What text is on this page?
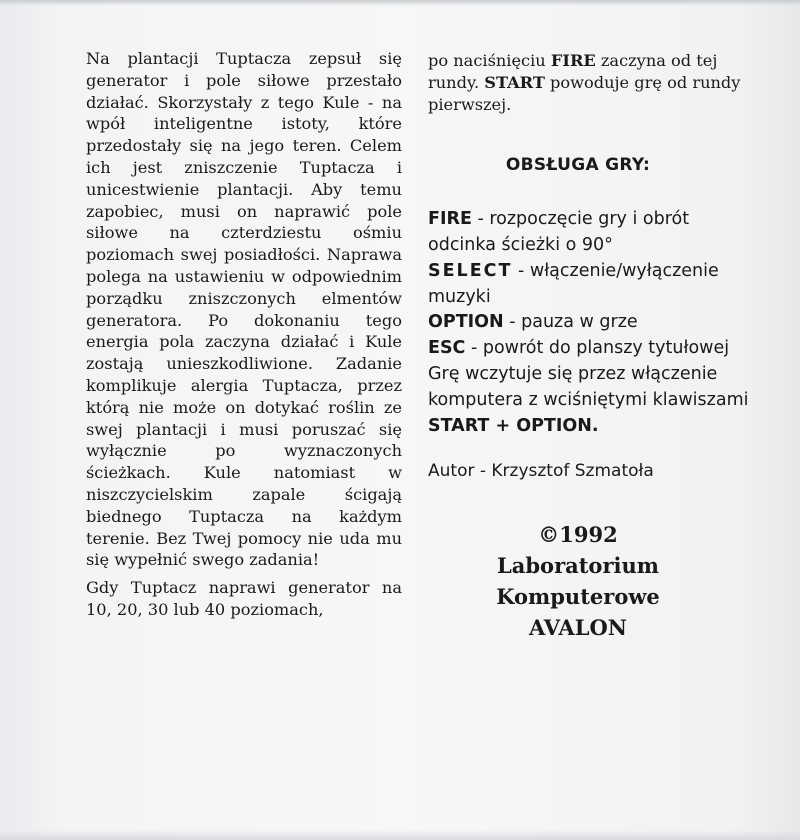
Na plantacji Tuptacza zepsuł się generator i pole siłowe przestało działać. Skorzystały z tego Kule - na wpół inteligentne istoty, które przedostały się na jego teren. Celem ich jest zniszczenie Tuptacza i unicestwienie plantacji. Aby temu zapobiec, musi on naprawić pole siłowe na czterdziestu ośmiu poziomach swej posiadłości. Naprawa polega na ustawieniu w odpowiednim porządku zniszczonych elmentów generatora. Po dokonaniu tego energia pola zaczyna działać i Kule zostają unieszkodliwione. Zadanie komplikuje alergia Tuptacza, przez którą nie może on dotykać roślin ze swej plantacji i musi poruszać się wyłącznie po wyznaczonych ścieżkach. Kule natomiast w niszczycielskim zapale ścigają biednego Tuptacza na każdym terenie. Bez Twej pomocy nie uda mu się wypełnić swego zadania!

Gdy Tuptacz naprawi generator na 10, 20, 30 lub 40 poziomach,

po naciśnięciu FIRE zaczyna od tej rundy. START powoduje grę od rundy pierwszej.

OBSŁUGA GRY:

FIRE - rozpoczęcie gry i obrót odcinka ścieżki o 90°

SELECT - włączenie/wyłączenie muzyki

OPTION - pauza w grze

ESC - powrót do planszy tytułowej

Grę wczytuje się przez włączenie komputera z wciśniętymi klawiszami

START + OPTION.

Autor - Krzysztof Szmatoła
©1992
Laboratorium
Komputerowe
AVALON
